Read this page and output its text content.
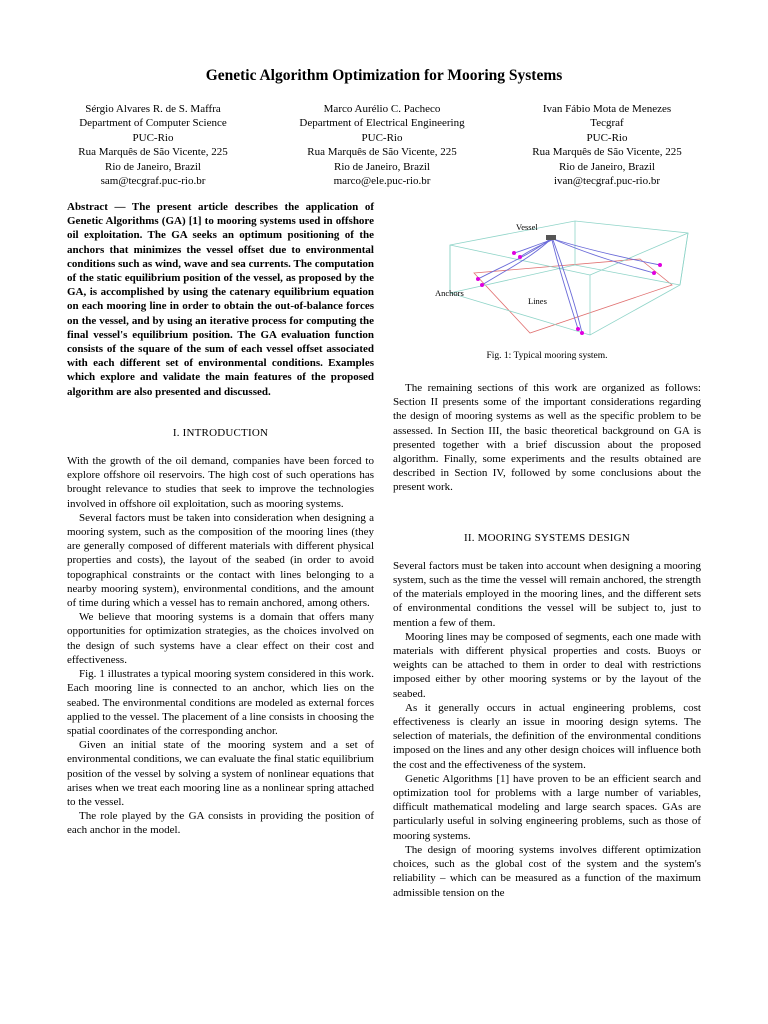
Genetic Algorithm Optimization for Mooring Systems
Sérgio Alvares R. de S. Maffra
Department of Computer Science
PUC-Rio
Rua Marquês de São Vicente, 225
Rio de Janeiro, Brazil
sam@tecgraf.puc-rio.br
Marco Aurélio C. Pacheco
Department of Electrical Engineering
PUC-Rio
Rua Marquês de São Vicente, 225
Rio de Janeiro, Brazil
marco@ele.puc-rio.br
Ivan Fábio Mota de Menezes
Tecgraf
PUC-Rio
Rua Marquês de São Vicente, 225
Rio de Janeiro, Brazil
ivan@tecgraf.puc-rio.br

Abstract — The present article describes the application of Genetic Algorithms (GA) [1] to mooring systems used in offshore oil exploitation. The GA seeks an optimum positioning of the anchors that minimizes the vessel offset due to environmental conditions such as wind, wave and sea currents. The computation of the static equilibrium position of the vessel, as proposed by the GA, is accomplished by using the catenary equilibrium equation on each mooring line in order to obtain the out-of-balance forces on the vessel, and by using an iterative process for computing the final vessel's equilibrium position. The GA evaluation function consists of the square of the sum of each vessel offset associated with each different set of environmental conditions. Examples which explore and validate the main features of the proposed algorithm are also presented and discussed.

I. INTRODUCTION

With the growth of the oil demand, companies have been forced to explore offshore oil reservoirs. The high cost of such operations has brought relevance to studies that seek to improve the technologies involved in offshore oil exploitation, such as mooring systems.

Several factors must be taken into consideration when designing a mooring system, such as the composition of the mooring lines (they are generally composed of different materials with different physical properties and costs), the layout of the seabed (in order to avoid topographical constraints or the contact with lines belonging to a nearby mooring system), environmental conditions, and the amount of time during which a vessel has to remain anchored, among others.

We believe that mooring systems is a domain that offers many opportunities for optimization strategies, as the choices involved on the design of such systems have a clear effect on their cost and effectiveness.

Fig. 1 illustrates a typical mooring system considered in this work. Each mooring line is connected to an anchor, which lies on the seabed. The environmental conditions are modeled as external forces applied to the vessel. The placement of a line consists in choosing the spatial coordinates of the corresponding anchor.

Given an initial state of the mooring system and a set of environmental conditions, we can evaluate the final static equilibrium position of the vessel by solving a system of nonlinear equations that arises when we treat each mooring line as a nonlinear spring attached to the vessel.

The role played by the GA consists in providing the position of each anchor in the model.

Vessel
Anchors
Lines
Fig. 1: Typical mooring system.

The remaining sections of this work are organized as follows: Section II presents some of the important considerations regarding the design of mooring systems as well as the specific problem to be assessed. In Section III, the basic theoretical background on GA is presented together with a brief discussion about the proposed algorithm. Finally, some experiments and the results obtained are described in Section IV, followed by some conclusions about the present work.

II. MOORING SYSTEMS DESIGN

Several factors must be taken into account when designing a mooring system, such as the time the vessel will remain anchored, the strength of the materials employed in the mooring lines, and the different sets of environmental conditions the vessel will be subject to, just to mention a few of them.

Mooring lines may be composed of segments, each one made with materials with different physical properties and costs. Buoys or weights can be attached to them in order to deal with restrictions imposed either by other mooring systems or by the layout of the seabed.

As it generally occurs in actual engineering problems, cost effectiveness is clearly an issue in mooring design sytems. The selection of materials, the definition of the environmental conditions imposed on the lines and any other design choices will influence both the cost and the effectiveness of the system.

Genetic Algorithms [1] have proven to be an efficient search and optimization tool for problems with a large number of variables, difficult mathematical modeling and large search spaces. GAs are particularly useful in solving engineering problems, such as those of mooring systems.

The design of mooring systems involves different optimization choices, such as the global cost of the system and the system's reliability – which can be measured as a function of the maximum admissible tension on the
